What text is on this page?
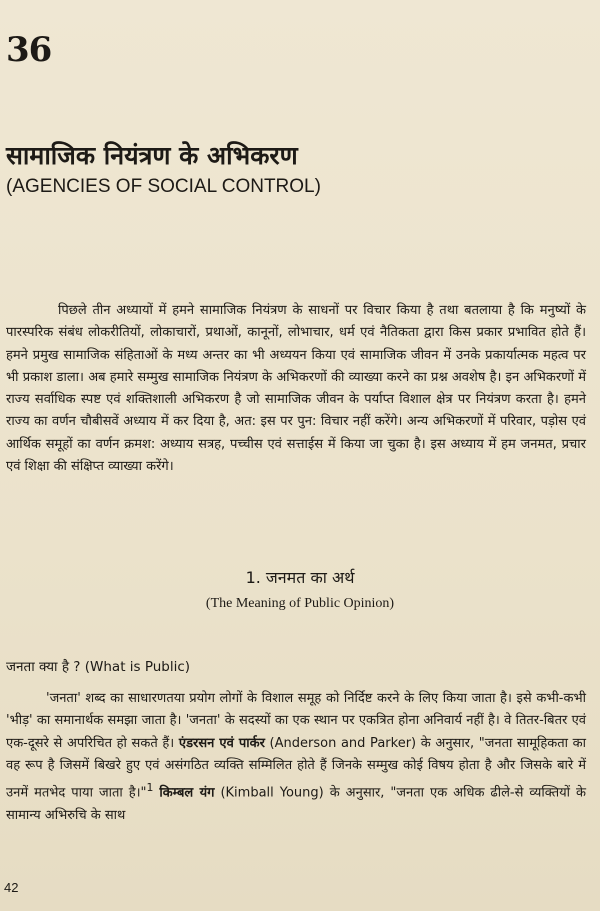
36
सामाजिक नियंत्रण के अभिकरण
(AGENCIES OF SOCIAL CONTROL)

पिछले तीन अध्यायों में हमने सामाजिक नियंत्रण के साधनों पर विचार किया है तथा बतलाया है कि मनुष्यों के पारस्परिक संबंध लोकरीतियों, लोकाचारों, प्रथाओं, कानूनों, लोभाचार, धर्म एवं नैतिकता द्वारा किस प्रकार प्रभावित होते हैं। हमने प्रमुख सामाजिक संहिताओं के मध्य अन्तर का भी अध्ययन किया एवं सामाजिक जीवन में उनके प्रकार्यात्मक महत्व पर भी प्रकाश डाला। अब हमारे सम्मुख सामाजिक नियंत्रण के अभिकरणों की व्याख्या करने का प्रश्न अवशेष है। इन अभिकरणों में राज्य सर्वाधिक स्पष्ट एवं शक्तिशाली अभिकरण है जो सामाजिक जीवन के पर्याप्त विशाल क्षेत्र पर नियंत्रण करता है। हमने राज्य का वर्णन चौबीसवें अध्याय में कर दिया है, अत: इस पर पुन: विचार नहीं करेंगे। अन्य अभिकरणों में परिवार, पड़ोस एवं आर्थिक समूहों का वर्णन क्रमश: अध्याय सत्रह, पच्चीस एवं सत्ताईस में किया जा चुका है। इस अध्याय में हम जनमत, प्रचार एवं शिक्षा की संक्षिप्त व्याख्या करेंगे।

1. जनमत का अर्थ
(The Meaning of Public Opinion)
जनता क्या है ? (What is Public)

'जनता' शब्द का साधारणतया प्रयोग लोगों के विशाल समूह को निर्दिष्ट करने के लिए किया जाता है। इसे कभी-कभी 'भीड़' का समानार्थक समझा जाता है। 'जनता' के सदस्यों का एक स्थान पर एकत्रित होना अनिवार्य नहीं है। वे तितर-बितर एवं एक-दूसरे से अपरिचित हो सकते हैं। एंडरसन एवं पार्कर (Anderson and Parker) के अनुसार, "जनता सामूहिकता का वह रूप है जिसमें बिखरे हुए एवं असंगठित व्यक्ति सम्मिलित होते हैं जिनके सम्मुख कोई विषय होता है और जिसके बारे में उनमें मतभेद पाया जाता है।"$^1$ किम्बल यंग (Kimball Young) के अनुसार, "जनता एक अधिक ढीले-से व्यक्तियों के सामान्य अभिरुचि के साथ

42
